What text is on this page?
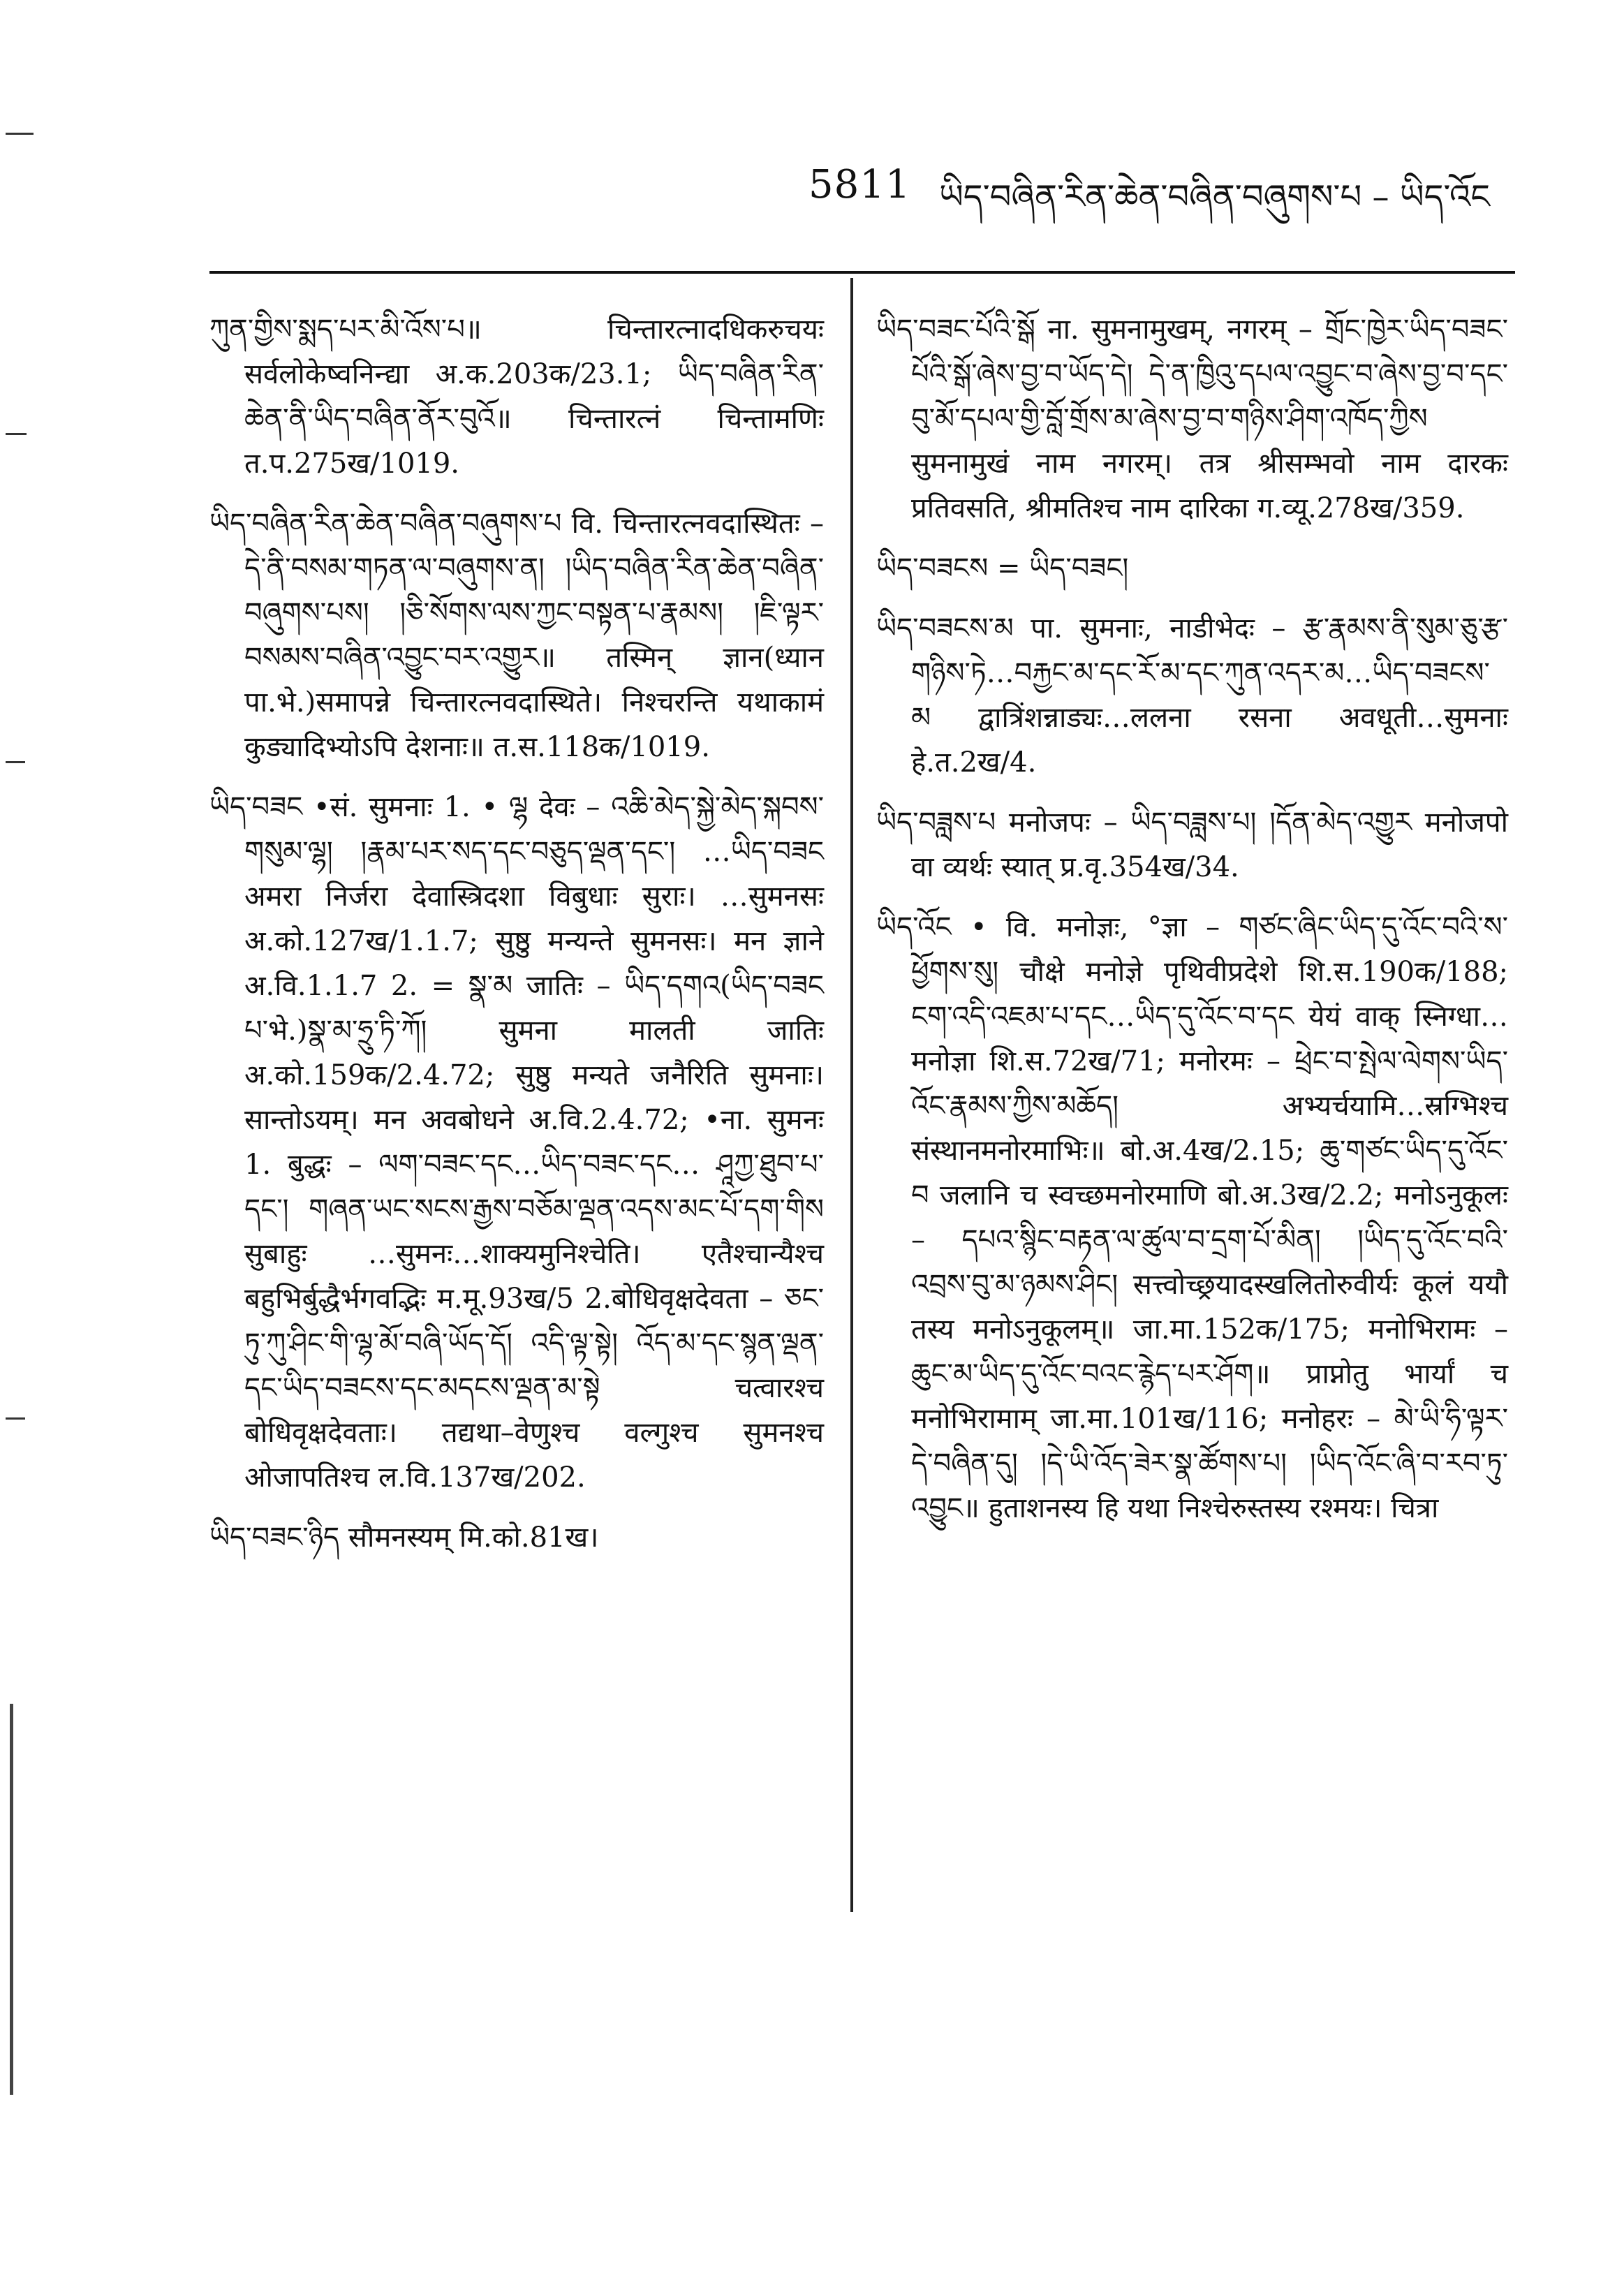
5811 ཡིད་བཞིན་རིན་ཆེན་བཞིན་བཞུགས་པ – ཡིད་འོང

ཀུན་གྱིས་སྨད་པར་མི་འོས་པ॥ चिन्तारत्नादधिकरुचयः सर्वलोकेष्वनिन्द्या अ.क.203क/23.1; ཡིད་བཞིན་རིན་ཆེན་ནི་ཡིད་བཞིན་ནོར་བུའོ॥ चिन्तारत्नं चिन्तामणिः त.प.275ख/1019.

ཡིད་བཞིན་རིན་ཆེན་བཞིན་བཞུགས་པ वि. चिन्तारत्नवदास्थितः – དེ་ནི་བསམ་གཏན་ལ་བཞུགས་ན། །ཡིད་བཞིན་རིན་ཆེན་བཞིན་བཞུགས་པས། །ཅི་སོགས་ལས་ཀྱང་བསྟན་པ་རྣམས། །ཇི་ལྟར་བསམས་བཞིན་འབྱུང་བར་འགྱུར॥ तस्मिन् ज्ञान(ध्यान पा.भे.)समापन्ने चिन्तारत्नवदास्थिते। निश्चरन्ति यथाकामं कुड्यादिभ्योऽपि देशनाः॥ त.स.118क/1019.

ཡིད་བཟང •सं. सुमनाः 1. • ལྷ देवः – འཆི་མེད་སྐྱེ་མེད་སྐབས་གསུམ་ལྷ། །རྣམ་པར་སད་དང་བཅུད་ལྡན་དང་། …ཡིད་བཟང अमरा निर्जरा देवास्त्रिदशा विबुधाः सुराः। …सुमनसः अ.को.127ख/1.1.7; सुष्ठु मन्यन्ते सुमनसः। मन ज्ञाने अ.वि.1.1.7 2. = སྣ་མ जातिः – ཡིད་དགའ(ཡིད་བཟང པ་भे.)སྣ་མ་ཧྲུ་ཏི་ཀོ། सुमना मालती जातिः अ.को.159क/2.4.72; सुष्ठु मन्यते जनैरिति सुमनाः। सान्तोऽयम्। मन अवबोधने अ.वि.2.4.72; •ना. सुमनः 1. बुद्धः – ལག་བཟང་དང…ཡིད་བཟང་དང… ཤཱཀྱ་ཐུབ་པ་དང་། གཞན་ཡང་སངས་རྒྱས་བཅོམ་ལྡན་འདས་མང་པོ་དག་གིས सुबाहुः …सुमनः…शाक्यमुनिश्चेति। एतैश्चान्यैश्च बहुभिर्बुद्धैर्भगवद्भिः म.मू.93ख/5 2.बोधिवृक्षदेवता – ཅང་ཏུ་ཀུ་ཤིང་གི་ལྷ་མོ་བཞི་ཡོད་དོ། འདི་ལྟ་སྟེ། འོད་མ་དང་སྙན་ལྡན་དང་ཡིད་བཟངས་དང་མདངས་ལྡན་མ་སྟེ चत्वारश्च बोधिवृक्षदेवताः। तद्यथा–वेणुश्च वल्गुश्च सुमनश्च ओजापतिश्च ल.वि.137ख/202.

ཡིད་བཟང་ཉིད सौमनस्यम् मि.को.81ख।

ཡིད་བཟང་པོའི་སྒོ ना. सुमनामुखम्, नगरम् – གྲོང་ཁྱེར་ཡིད་བཟང་པོའི་སྒོ་ཞེས་བྱ་བ་ཡོད་དེ། དེ་ན་ཁྱིའུ་དཔལ་འབྱུང་བ་ཞེས་བྱ་བ་དང་བུ་མོ་དཔལ་གྱི་བློ་གྲོས་མ་ཞེས་བྱ་བ་གཉིས་ཤིག་འཁོད་ཀྱིས सुमनामुखं नाम नगरम्। तत्र श्रीसम्भवो नाम दारकः प्रतिवसति, श्रीमतिश्च नाम दारिका ग.व्यू.278ख/359.

ཡིད་བཟངས = ཡིད་བཟང།

ཡིད་བཟངས་མ पा. सुमनाः, नाडीभेदः – རྩ་རྣམས་ནི་སུམ་ཅུ་རྩ་གཉིས་ཏེ…བརྐྱང་མ་དང་རོ་མ་དང་ཀུན་འདར་མ…ཡིད་བཟངས་མ द्वात्रिंशन्नाड्यः…ललना रसना अवधूती…सुमनाः हे.त.2ख/4.

ཡིད་བཟླས་པ मनोजपः – ཡིད་བཟླས་པ། །དོན་མེད་འགྱུར मनोजपो वा व्यर्थः स्यात् प्र.वृ.354ख/34.

ཡིད་འོང • वि. मनोज्ञः, °ज्ञा – གཙང་ཞིང་ཡིད་དུ་འོང་བའི་ས་ཕྱོགས་སུ། चौक्षे मनोज्ञे पृथिवीप्रदेशे शि.स.190क/188; ངག་འདི་འཇམ་པ་དང…ཡིད་དུ་འོང་བ་དང येयं वाक् स्निग्धा… मनोज्ञा शि.स.72ख/71; मनोरमः – ཕྲེང་བ་སྤེལ་ལེགས་ཡིད་འོང་རྣམས་ཀྱིས་མཆོད། अभ्यर्चयामि…स्रग्भिश्च संस्थानमनोरमाभिः॥ बो.अ.4ख/2.15; ཆུ་གཙང་ཡིད་དུ་འོང་བ जलानि च स्वच्छमनोरमाणि बो.अ.3ख/2.2; मनोऽनुकूलः – དཔའ་སྙིང་བརྟན་ལ་ཚུལ་བ་དྲག་པོ་མིན། །ཡིད་དུ་འོང་བའི་འབྲས་བུ་མ་ཉམས་ཤིང། सत्त्वोच्छ्रयादस्खलितोरुवीर्यः कूलं ययौ तस्य मनोऽनुकूलम्॥ जा.मा.152क/175; मनोभिरामः – ཆུང་མ་ཡིད་དུ་འོང་བའང་རྙེད་པར་ཤོག॥ प्राप्नोतु भार्यां च मनोभिरामाम् जा.मा.101ख/116; मनोहरः – མེ་ཡི་ཧི་ལྟར་དེ་བཞིན་དུ། །དེ་ཡི་འོད་ཟེར་སྣ་ཚོགས་པ། །ཡིད་འོང་ཞི་བ་རབ་ཏུ་འབྱུང॥ हुताशनस्य हि यथा निश्चेरुस्तस्य रश्मयः। चित्रा
